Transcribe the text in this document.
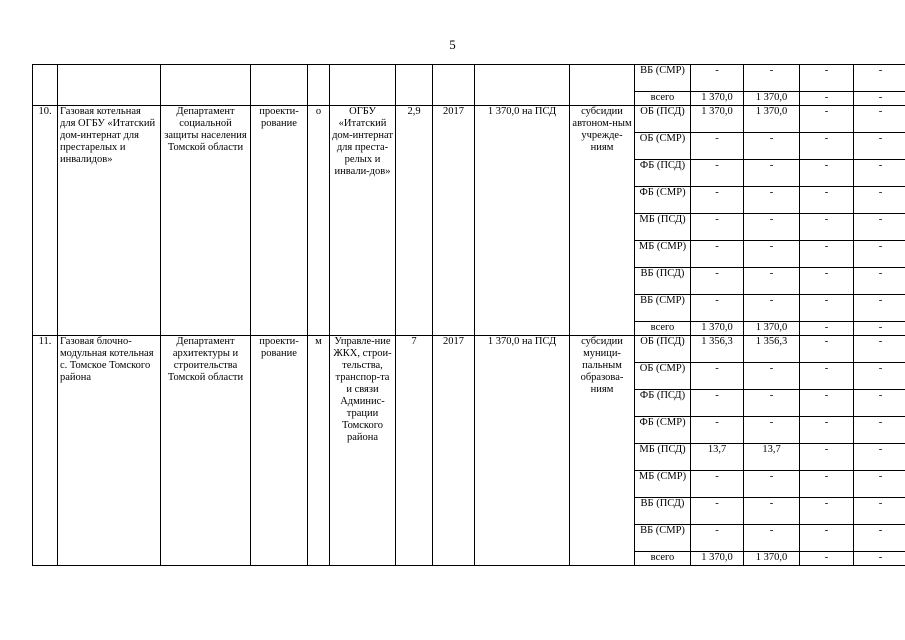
5
										ВБ (СМР)	-	-	-	-
										всего	1 370,0	1 370,0	-	-
10.	Газовая котельная для ОГБУ «Итатский дом-интернат для престарелых и инвалидов»	Департамент социальной защиты населения Томской области	проекти-рование	о	ОГБУ «Итатский дом-интернат для преста-релых и инвали-дов»	2,9	2017	1 370,0 на ПСД	субсидии автоном-ным учрежде-ниям	ОБ (ПСД)	1 370,0	1 370,0	-	-
										ОБ (СМР)	-	-	-	-
										ФБ (ПСД)	-	-	-	-
										ФБ (СМР)	-	-	-	-
										МБ (ПСД)	-	-	-	-
										МБ (СМР)	-	-	-	-
										ВБ (ПСД)	-	-	-	-
										ВБ (СМР)	-	-	-	-
										всего	1 370,0	1 370,0	-	-
11.	Газовая блочно-модульная котельная с. Томское Томского района	Департамент архитектуры и строительства Томской области	проекти-рование	м	Управле-ние ЖКХ, строи-тельства, транспор-та и связи Админис-трации Томского района	7	2017	1 370,0 на ПСД	субсидии муници-пальным образова-ниям	ОБ (ПСД)	1 356,3	1 356,3	-	-
										ОБ (СМР)	-	-	-	-
										ФБ (ПСД)	-	-	-	-
										ФБ (СМР)	-	-	-	-
										МБ (ПСД)	13,7	13,7	-	-
										МБ (СМР)	-	-	-	-
										ВБ (ПСД)	-	-	-	-
										ВБ (СМР)	-	-	-	-
										всего	1 370,0	1 370,0	-	-
